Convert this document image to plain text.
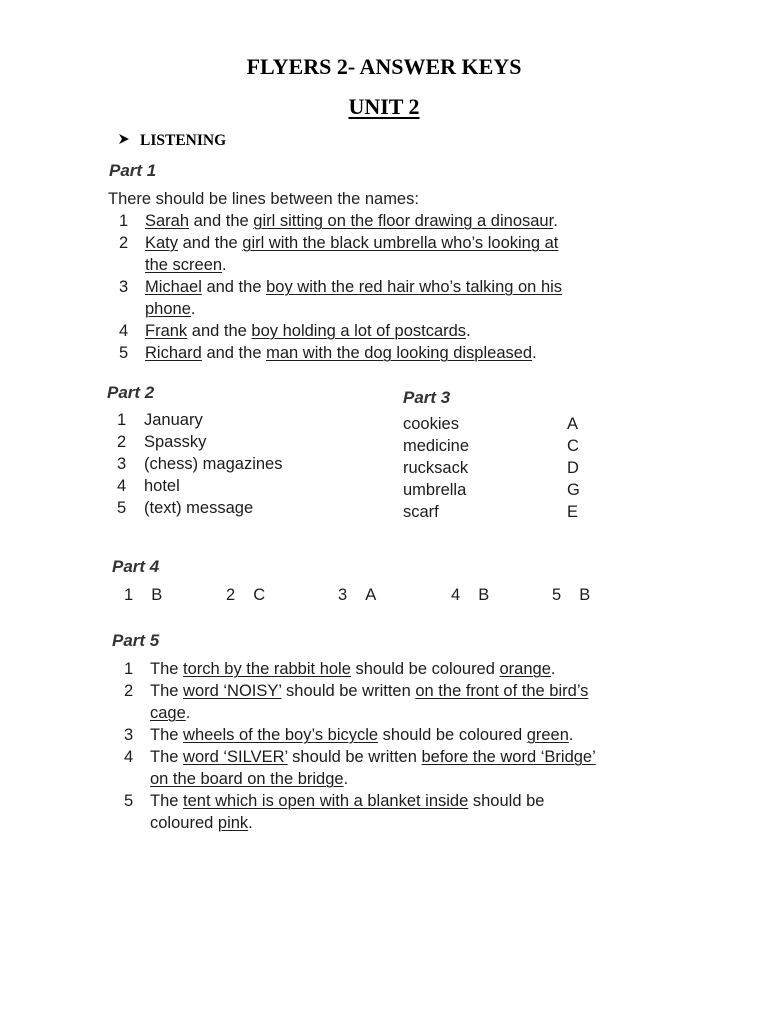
FLYERS 2- ANSWER KEYS
UNIT 2
LISTENING
Part 1
There should be lines between the names:
1	Sarah and the girl sitting on the floor drawing a dinosaur.
2	Katy and the girl with the black umbrella who’s looking at the screen.
3	Michael and the boy with the red hair who’s talking on his phone.
4	Frank and the boy holding a lot of postcards.
5	Richard and the man with the dog looking displeased.
Part 2
1	January
2	Spassky
3	(chess) magazines
4	hotel
5	(text) message
Part 3
cookies	A
medicine	C
rucksack	D
umbrella	G
scarf	E
Part 4
1 B	2 C	3 A	4 B	5 B
Part 5
1	The torch by the rabbit hole should be coloured orange.
2	The word ‘NOISY’ should be written on the front of the bird’s cage.
3	The wheels of the boy’s bicycle should be coloured green.
4	The word ‘SILVER’ should be written before the word ‘Bridge’ on the board on the bridge.
5	The tent which is open with a blanket inside should be coloured pink.
